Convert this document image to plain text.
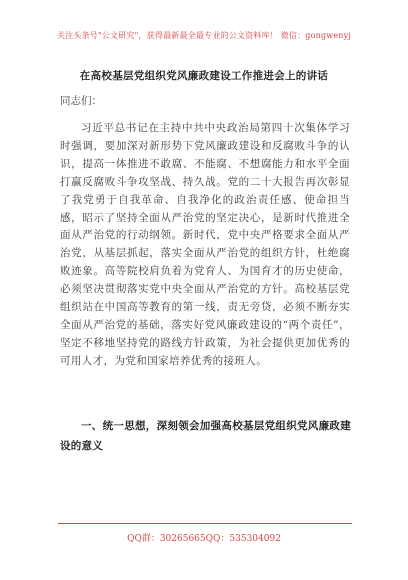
关注头条号"公文研究"，获得最新最全最专业的公文资料库！ 微信：gongwenyj
在高校基层党组织党风廉政建设工作推进会上的讲话
同志们：

习近平总书记在主持中共中央政治局第四十次集体学习时强调，要加深对新形势下党风廉政建设和反腐败斗争的认识，提高一体推进不敢腐、不能腐、不想腐能力和水平全面打赢反腐败斗争攻坚战、持久战。党的二十大报告再次彰显了我党勇于自我革命、自我净化的政治责任感、使命担当感，昭示了坚持全面从严治党的坚定决心，是新时代推进全面从严治党的行动纲领。新时代，党中央严格要求全面从严治党，从基层抓起，落实全面从严治党的组织方针，杜绝腐败迹象。高等院校肩负着为党育人、为国育才的历史使命，必须坚决贯彻落实党中央全面从严治党的方针。高校基层党组织站在中国高等教育的第一线，责无旁贷，必须不断夯实全面从严治党的基础，落实好党风廉政建设的“两个责任”，坚定不移地坚持党的路线方针政策，为社会提供更加优秀的可用人才，为党和国家培养优秀的接班人。

一、统一思想，深刻领会加强高校基层党组织党风廉政建设的意义

QQ群：30265665QQ：535304092
